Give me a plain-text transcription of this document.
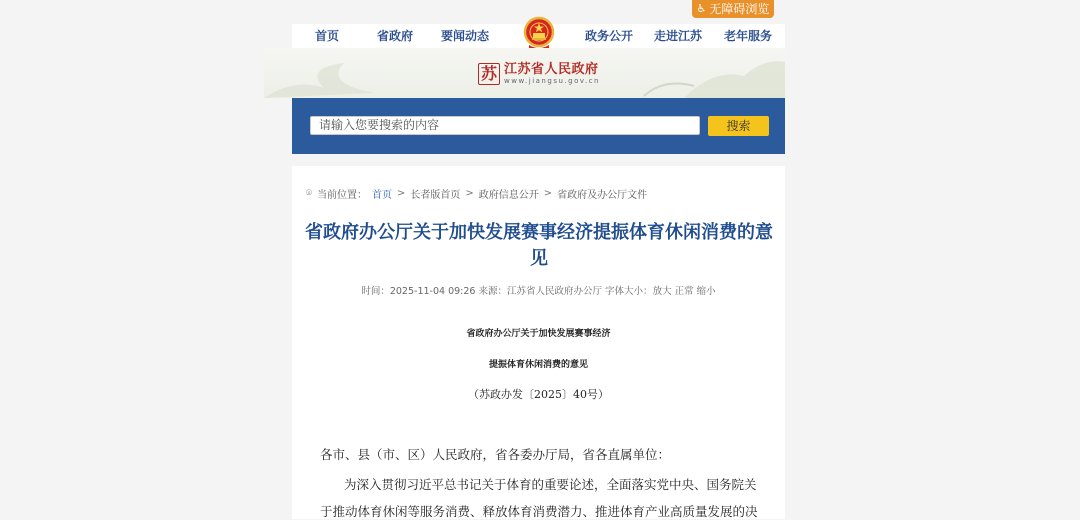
♿ 无障碍浏览
首页	省政府	要闻动态	政务公开	走进江苏	老年服务
苏 江苏省人民政府
www.jiangsu.gov.cn
请输入您要搜索的内容
搜索
⌾ 当前位置： 首页 > 长者版首页 > 政府信息公开 > 省政府及办公厅文件
省政府办公厅关于加快发展赛事经济提振体育休闲消费的意见
时间：2025-11-04 09:26 来源：江苏省人民政府办公厅 字体大小：放大 正常 缩小
省政府办公厅关于加快发展赛事经济
提振体育休闲消费的意见
（苏政办发〔2025〕40号）
各市、县（市、区）人民政府，省各委办厅局，省各直属单位：
为深入贯彻习近平总书记关于体育的重要论述，全面落实党中央、国务院关
于推动体育休闲等服务消费、释放体育消费潜力、推进体育产业高质量发展的决
